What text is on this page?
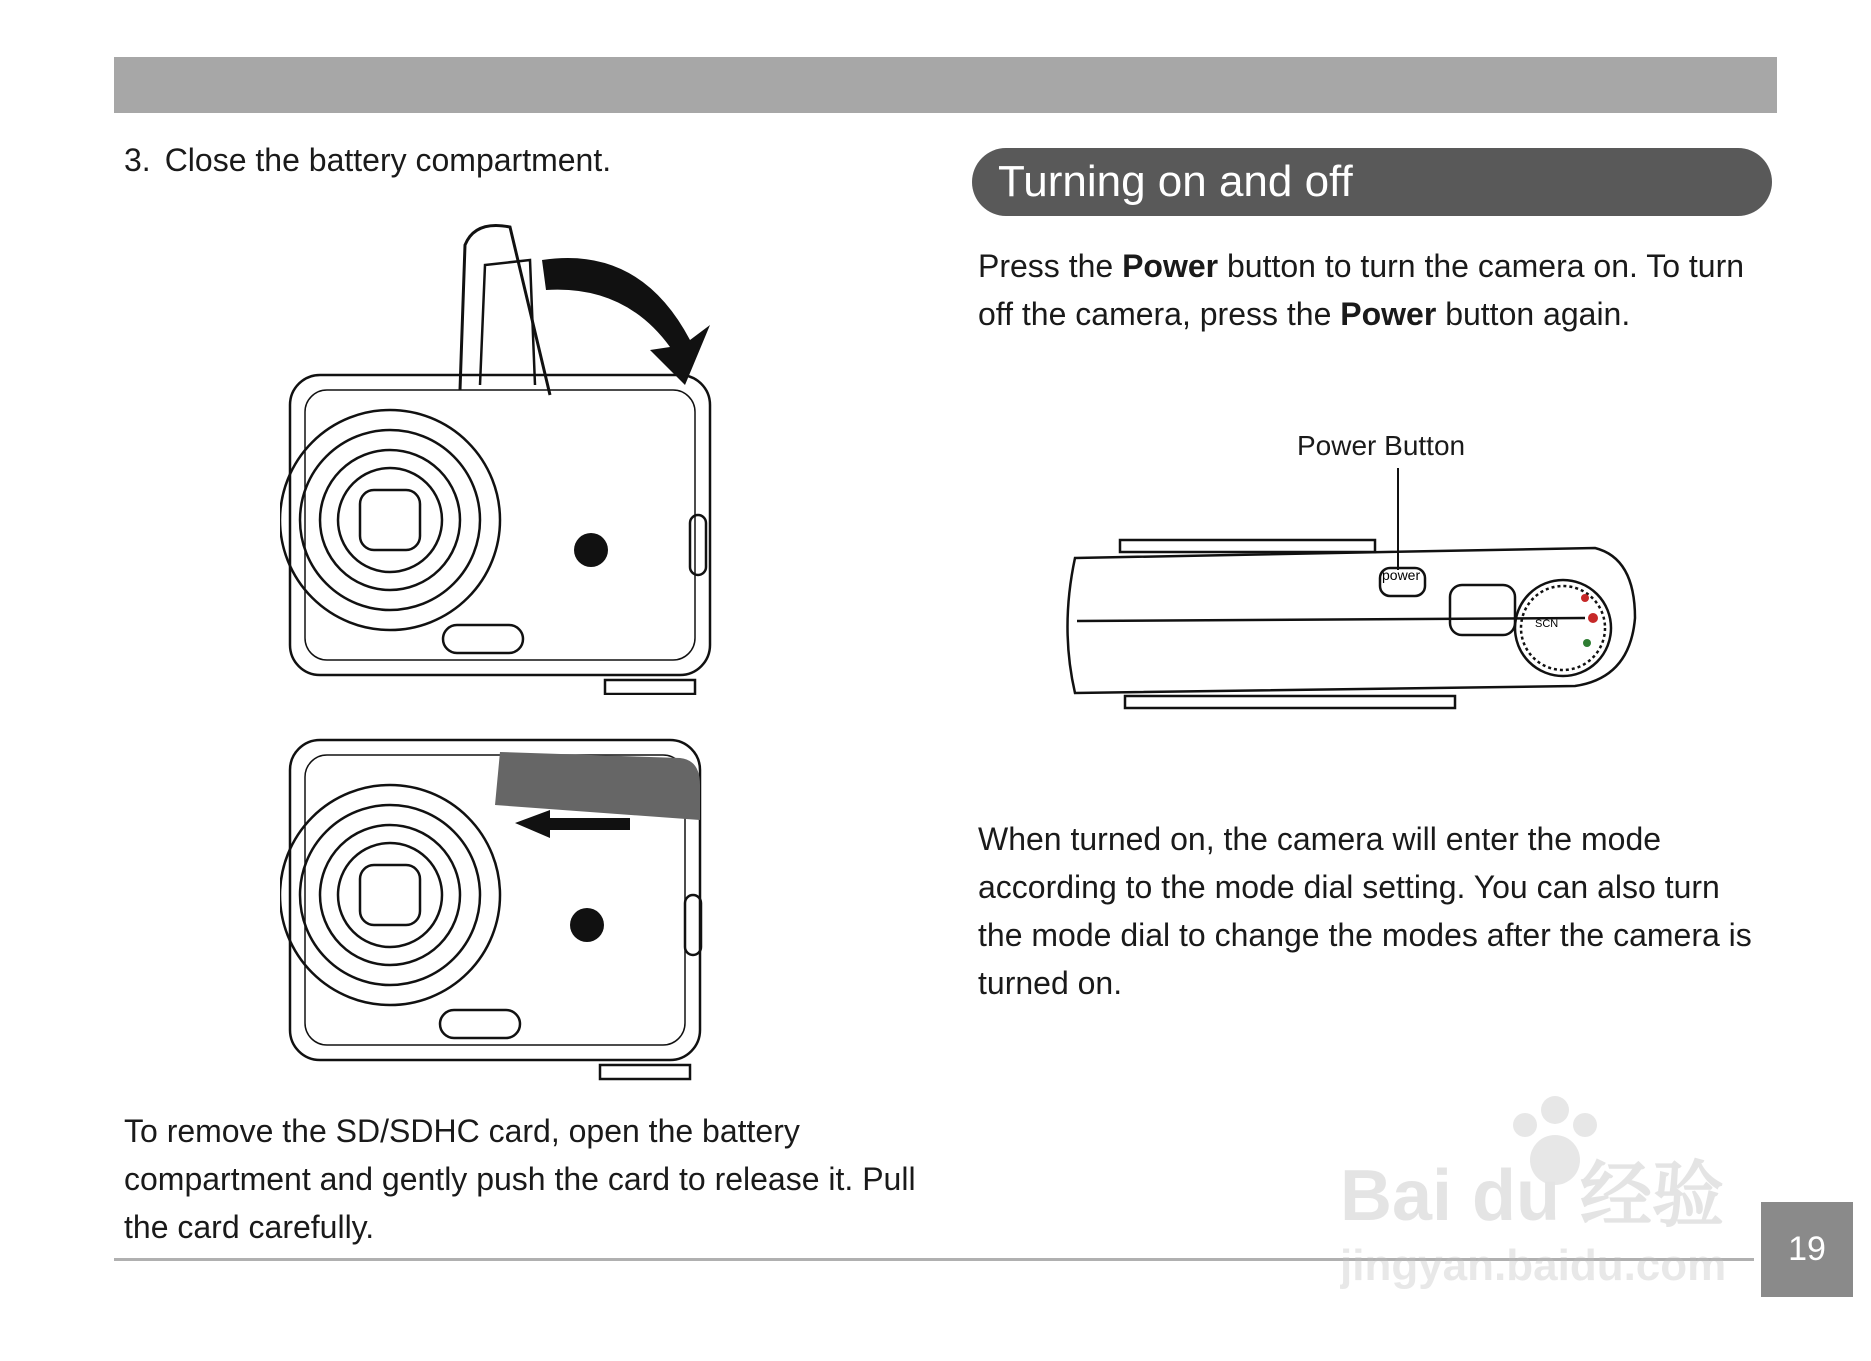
3. Close the battery compartment.	Turning on and off
Press the Power button to turn the camera on. To turn off the camera, press the Power button again.
Power Button
power
SCN
When turned on, the camera will enter the mode according to the mode dial setting. You can also turn the mode dial to change the modes after the camera is turned on.
To remove the SD/SDHC card, open the battery compartment and gently push the card to release it. Pull the card carefully.
19
Bai du 经验
jingyan.baidu.com
